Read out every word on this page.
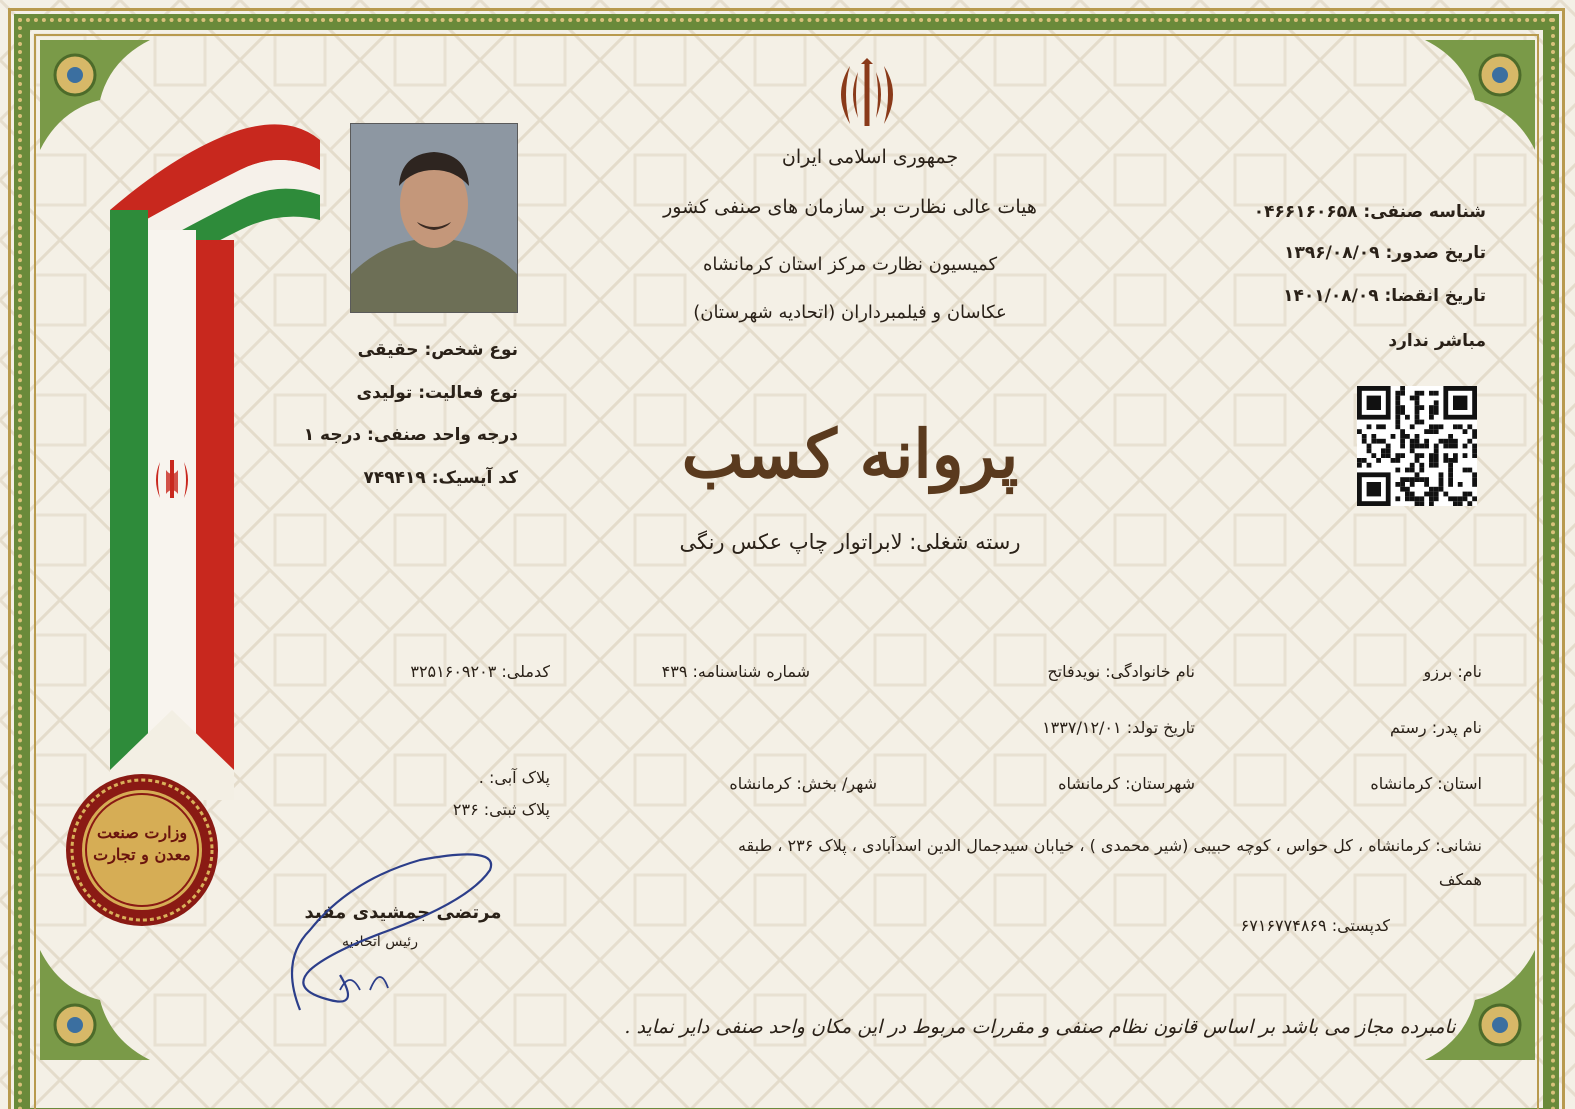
وزارت صنعت معدن و تجارت
جمهوری اسلامی ایران
هیات عالی نظارت بر سازمان های صنفی کشور
کمیسیون نظارت مرکز استان کرمانشاه
عکاسان و فیلمبرداران (اتحادیه شهرستان)
پروانه کسب
رسته شغلی: لابراتوار چاپ عکس رنگی
نوع شخص: حقیقی
نوع فعالیت: تولیدی
درجه واحد صنفی: درجه ۱
کد آیسیک: ۷۴۹۴۱۹
شناسه صنفی: ۰۴۶۶۱۶۰۶۵۸
تاریخ صدور: ۱۳۹۶/۰۸/۰۹
تاریخ انقضا: ۱۴۰۱/۰۸/۰۹
مباشر ندارد
نام: برزو
نام خانوادگی: نویدفاتح
شماره شناسنامه: ۴۳۹
کدملی: ۳۲۵۱۶۰۹۲۰۳
نام پدر: رستم
تاریخ تولد: ۱۳۳۷/۱۲/۰۱
استان: کرمانشاه
شهرستان: کرمانشاه
شهر/ بخش: کرمانشاه
پلاک آبی: .
پلاک ثبتی: ۲۳۶
نشانی: کرمانشاه ، کل حواس ، کوچه حبیبی (شیر محمدی ) ، خیابان سیدجمال الدین اسدآبادی ، پلاک ۲۳۶ ، طبقه
همکف
کدپستی: ۶۷۱۶۷۷۴۸۶۹
مرتضی جمشیدی مفید
رئیس اتحادیه
نامبرده مجاز می باشد بر اساس قانون نظام صنفی و مقررات مربوط در این مکان واحد صنفی دایر نماید .
